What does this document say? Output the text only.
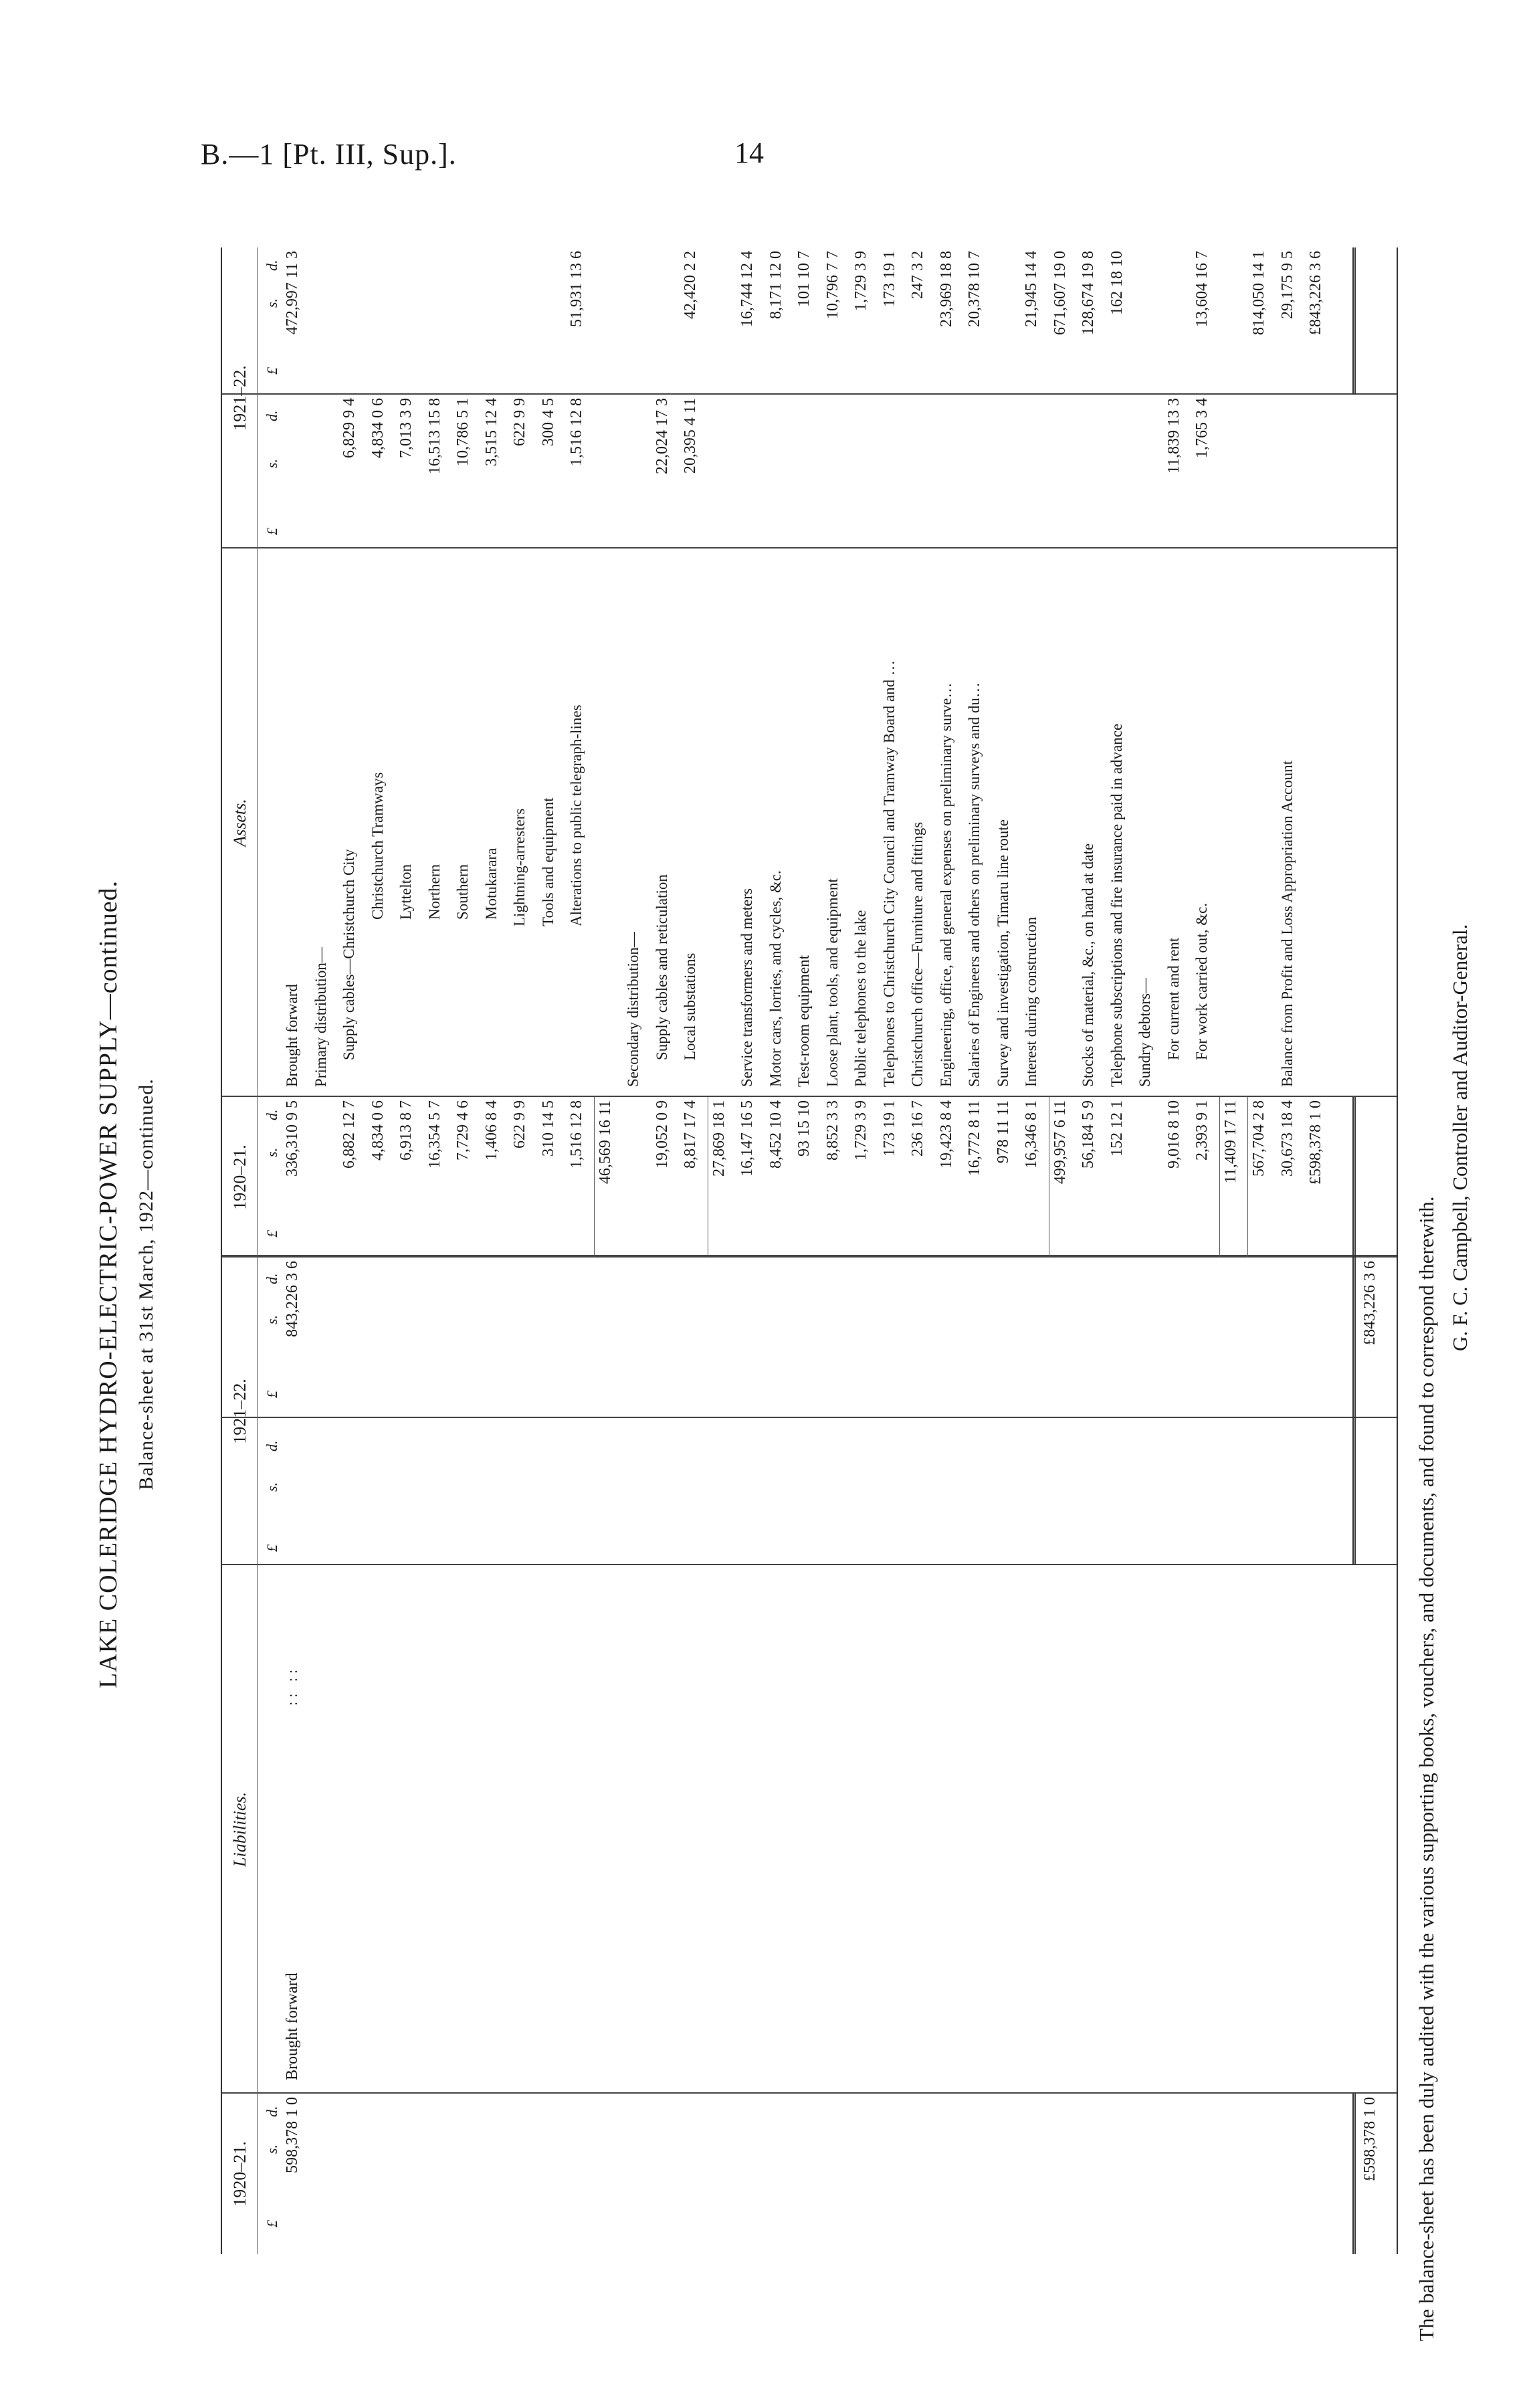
B.—1 [Pt. III, Sup.].	14
LAKE COLERIDGE HYDRO-ELECTRIC-POWER SUPPLY—continued. Balance-sheet at 31st March, 1922—continued.
1920–21.
Liabilities.
1921–22.
1920–21.
Assets.
1921–22.
£
s.
d.
£
s.
d.
£
s.
d.
£
s.
d.
£
s.
d.
£
s.
d.
598,378 1 0
Brought forward
:: ::
843,226 3 6
336,310 9 5
Brought forward
472,997 11 3
Primary distribution—
6,882 12 7
Supply cables—Christchurch City
6,829 9 4
4,834 0 6
Christchurch Tramways
4,834 0 6
6,913 8 7
Lyttelton
7,013 3 9
16,354 5 7
Northern
16,513 15 8
7,729 4 6
Southern
10,786 5 1
1,406 8 4
Motukarara
3,515 12 4
622 9 9
Lightning-arresters
622 9 9
310 14 5
Tools and equipment
300 4 5
1,516 12 8
Alterations to public telegraph-lines
1,516 12 8
51,931 13 6
46,569 16 11
Secondary distribution—
19,052 0 9
Supply cables and reticulation
22,024 17 3
8,817 17 4
Local substations
20,395 4 11
42,420 2 2
27,869 18 1 16,147 16 5
Service transformers and meters
16,744 12 4
8,452 10 4
Motor cars, lorries, and cycles, &c.
8,171 12 0
93 15 10
Test-room equipment
101 10 7
8,852 3 3
Loose plant, tools, and equipment
10,796 7 7
1,729 3 9
Public telephones to the lake
1,729 3 9
173 19 1
Telephones to Christchurch City Council and Tramway Board and …
173 19 1
236 16 7
Christchurch office—Furniture and fittings
247 3 2
19,423 8 4
Engineering, office, and general expenses on preliminary surve…
23,969 18 8
16,772 8 11
Salaries of Engineers and others on preliminary surveys and du…
20,378 10 7
978 11 11
Survey and investigation, Timaru line route
16,346 8 1
Interest during construction
21,945 14 4
499,957 6 11
671,607 19 0
56,184 5 9
Stocks of material, &c., on hand at date
128,674 19 8
152 12 1
Telephone subscriptions and fire insurance paid in advance
162 18 10
Sundry debtors—
9,016 8 10
For current and rent
11,839 13 3
2,393 9 1
For work carried out, &c.
1,765 3 4
13,604 16 7
11,409 17 11 567,704 2 8
814,050 14 1
30,673 18 4
Balance from Profit and Loss Appropriation Account
29,175 9 5
£598,378 1 0
£843,226 3 6
£598,378 1 0
£843,226 3 6 The balance-sheet has been duly audited with the various supporting books, vouchers, and documents, and found to correspond therewith.
G. F. C. Campbell, Controller and Auditor-General.
